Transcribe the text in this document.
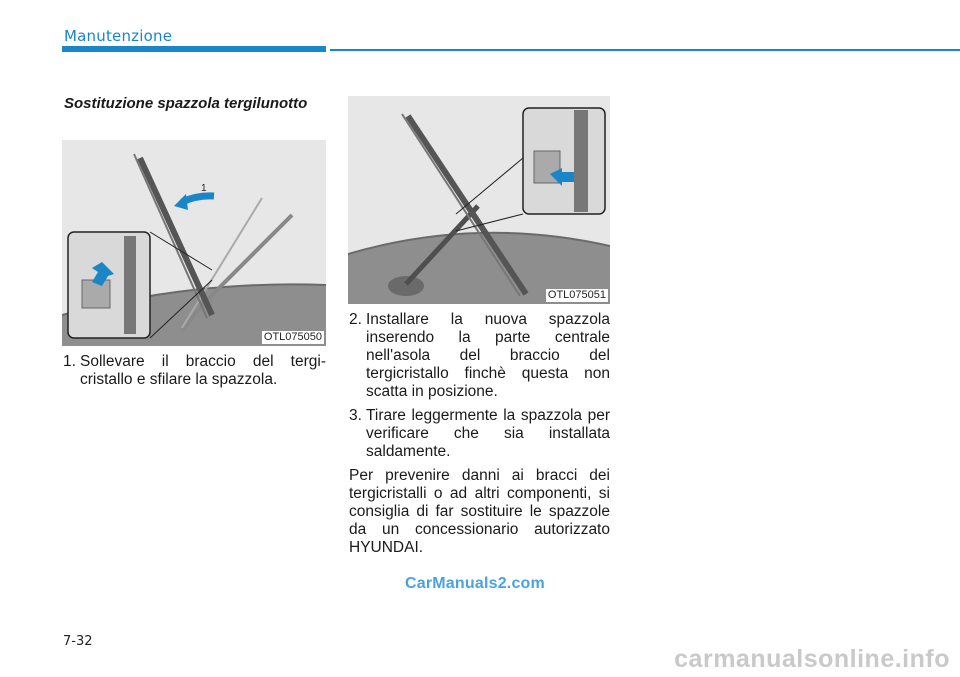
Manutenzione
Sostituzione spazzola tergilunotto
1
OTL075050
OTL075051
1. Sollevare il braccio del tergi-cristallo e sfilare la spazzola.
2. Installare la nuova spazzola inserendo la parte centrale nell'asola del braccio del tergicristallo finchè questa non scatta in posizione.
3. Tirare leggermente la spazzola per verificare che sia installata saldamente.

Per prevenire danni ai bracci dei tergicristalli o ad altri componenti, si consiglia di far sostituire le spazzole da un concessionario autorizzato HYUNDAI.

CarManuals2.com
7-32
carmanualsonline.info
